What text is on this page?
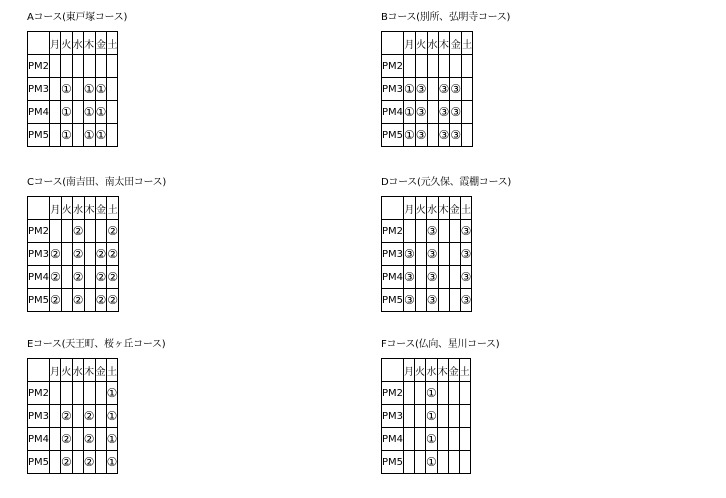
Aコース(東戸塚コース)
	月	火	水	木	金	土
PM2						
PM3		①		①	①	
PM4		①		①	①	
PM5		①		①	①	
Bコース(別所、弘明寺コース)
	月	火	水	木	金	土
PM2						
PM3	①	③		③	③	
PM4	①	③		③	③	
PM5	①	③		③	③	
Cコース(南吉田、南太田コース)
	月	火	水	木	金	土
PM2			②			②
PM3	②		②		②	②
PM4	②		②		②	②
PM5	②		②		②	②
Dコース(元久保、霞棚コース)
	月	火	水	木	金	土
PM2			③			③
PM3	③		③			③
PM4	③		③			③
PM5	③		③			③
Eコース(天王町、桜ヶ丘コース)
	月	火	水	木	金	土
PM2						①
PM3		②		②		①
PM4		②		②		①
PM5		②		②		①
Fコース(仏向、星川コース)
	月	火	水	木	金	土
PM2			①			
PM3			①			
PM4			①			
PM5			①			
